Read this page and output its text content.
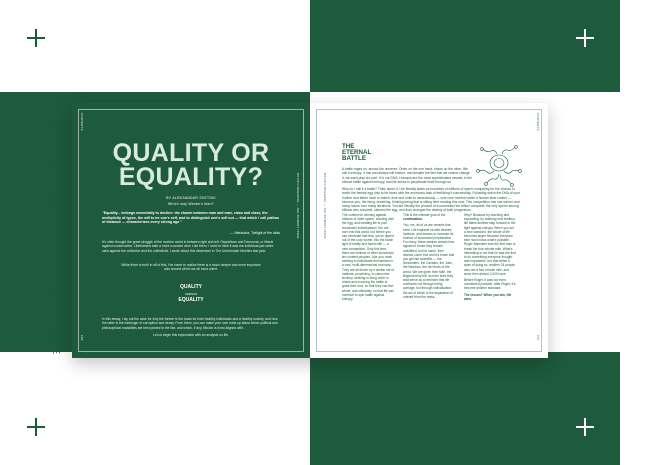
BITCOIN MAGAZINE | THE PRIMARY ISSUE	BITCOIN MAGAZINE | THE PRIMARY ISSUE
CONTENTS
QUALITY OR
EQUALITY?
BY ALEKSANDAR SVETSKI
Which way Western Man?
"Equality... belongs essentially to decline: the chasm between man and man, class and class, the multiplicity of types, the will to be one's self, and to distinguish one's self out — that which I call pathos of distance — characterizes every strong age."
— Nietzsche, Twilight of the Idols
It's often thought the great struggle of the modern world is between right and left, Republican and Democrat, or liberal against conservative. Libertarians take a more nuanced view. Like them, I used to think it was the individual just railed valid against the collective and the collectivist. I wrote about this dimension in The Unfortunate Nineties last year.
While there is truth in all of this, I've come to realize there is a much deeper and more important axis around which we all must orient.
QUALITY
VERSUS
EQUALITY
In this essay, I lay out the case for why the former is the basis for both healthy individuals and a healthy society, and how the latter is the harbinger of corruption and decay. From there, you can make your own mind up about which political and philosophical modalities are best poised to the like, and which, if any, Bitcoin is most aligned with.
Let us begin this exploration with an analysis on life.
BITCOIN MAGAZINE — THE PRIMARY ISSUE
006
CONTENTS
THE
ETERNAL
BATTLE
A battle rages on, across the universe. Order on the one hand; chaos on the other. We call it entropy. It has and always will endure, and despite the fact that we cannot change it, we each play our part. It is our DNA. Humans are the most sophisticated vessels in the eternal battle against entropy, and life seeks to perpetuate itself through us.
Why do I call it a battle? Think about it. Life literally starts as hundreds of millions of sperm competing for the chance to reach the female egg only to be faced with the enormous task of fertilizing it successfully. Following which the DNA of your mother and father have to match, fuse and unite to miraculously — over nine months inside a human slow cooker — become you, the living, breathing, thinking being that is sitting here reading this now. This competition has one winner and many losers over many iterations. You are literally the product of a successful ten-trillion conquest: the only sperm among billions who survived, claimed the egg, and thus changed the destiny of both progenitors.
The contest for winning against millions of other sperm, bonding with the egg, and creating life is your successful individualism! You are born into this world, but before you can celebrate that feat, you're ripped out of the cozy womb, into the harsh light of reality and faced with — a new competition. Only this time, there are millions of other successful ten-contest peoples. Like you, each seeking to individuate themselves in a vast, multi-dimensional economy. They are all driven by a similar set of instincts: perceiving, to claim new territory, seeking to bring order in chaos and incurring the battle to grant their soul, so that they can feel whole, and ultimately, so that life can continue to spin battle against entropy.
This is the ultimate goal of the continuation.
You, me, all of us are vessels that exist. Life implants us with desires, instincts, and desires to increase its chance of successful perpetuation. For many, these desires remain less apparent, those they remain unfulfilled, but for some, their desires come true and it's those that you get like scientific — the Alexanders, the Caesars, the Jobs, the Newtons, the da Vincis of the world. We are given their faith, the Bigtonia they left, and the lives they lead serve as a reminder that life continues not through being average, but through individuation: the act of which is the separation of oneself from the mass.
Why? Because by reaching and expanding, by claiming new territory, life takes another step forward in the fight against entropy. When you set a new standard, the whole of life becomes larger because everyone else now knows what's possible. Roger Bannister was the first man to break the four-minute mile. What's interesting is not that he was the first to do something everyone thought was impossible, but that within a span of doing so, another 24 people also ran a four-minute mile, and since then almost 2,000 have.
Before Roger, it was not even considered possible. After Roger, it's become another standard.
The lesson? When you win, life wins.
BITCOIN MAGAZINE — THE PRIMARY ISSUE
007
